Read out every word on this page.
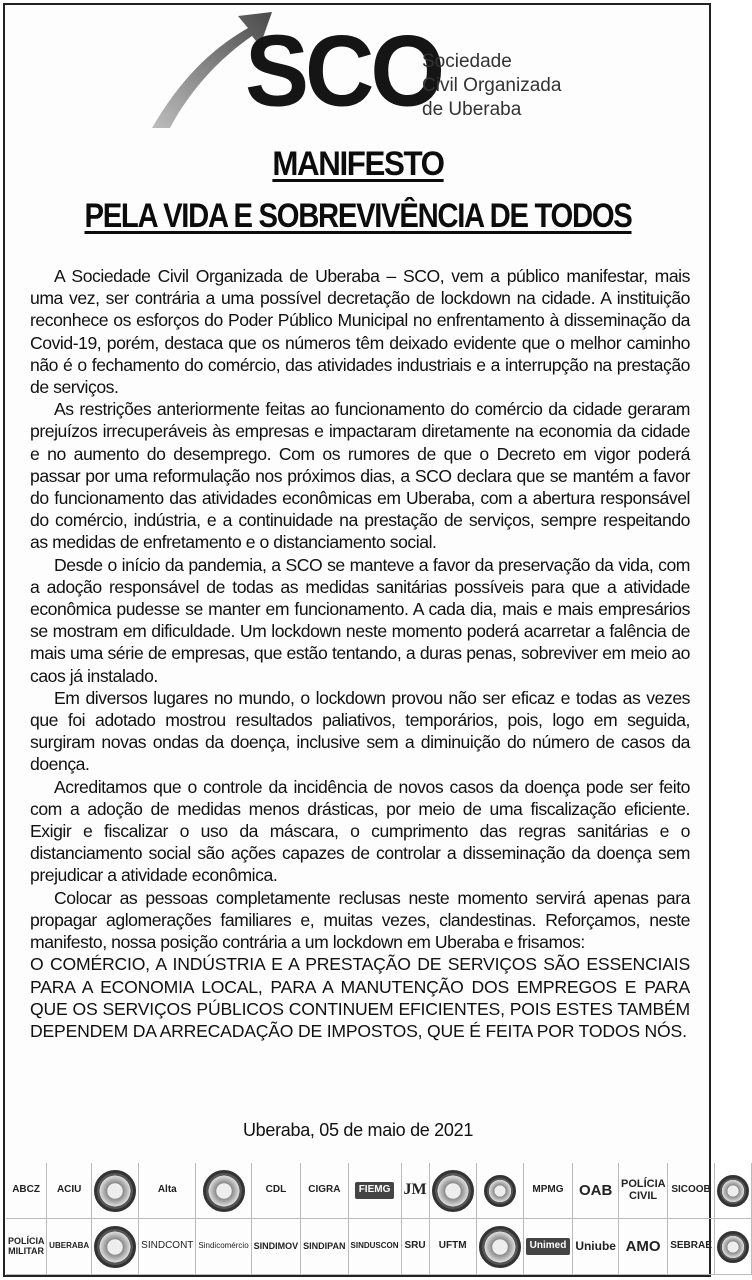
SCO
Sociedade
Civil Organizada
de Uberaba
MANIFESTO
PELA VIDA E SOBREVIVÊNCIA DE TODOS

A Sociedade Civil Organizada de Uberaba – SCO, vem a público manifestar, mais uma vez, ser contrária a uma possível decretação de lockdown na cidade. A instituição reconhece os esforços do Poder Público Municipal no enfrentamento à disseminação da Covid-19, porém, destaca que os números têm deixado evidente que o melhor caminho não é o fechamento do comércio, das atividades industriais e a interrupção na prestação de serviços.

As restrições anteriormente feitas ao funcionamento do comércio da cidade geraram prejuízos irrecuperáveis às empresas e impactaram diretamente na economia da cidade e no aumento do desemprego. Com os rumores de que o Decreto em vigor poderá passar por uma reformulação nos próximos dias, a SCO declara que se mantém a favor do funcionamento das atividades econômicas em Uberaba, com a abertura responsável do comércio, indústria, e a continuidade na prestação de serviços, sempre respeitando as medidas de enfretamento e o distanciamento social.

Desde o início da pandemia, a SCO se manteve a favor da preservação da vida, com a adoção responsável de todas as medidas sanitárias possíveis para que a atividade econômica pudesse se manter em funcionamento. A cada dia, mais e mais empresários se mostram em dificuldade. Um lockdown neste momento poderá acarretar a falência de mais uma série de empresas, que estão tentando, a duras penas, sobreviver em meio ao caos já instalado.

Em diversos lugares no mundo, o lockdown provou não ser eficaz e todas as vezes que foi adotado mostrou resultados paliativos, temporários, pois, logo em seguida, surgiram novas ondas da doença, inclusive sem a diminuição do número de casos da doença.

Acreditamos que o controle da incidência de novos casos da doença pode ser feito com a adoção de medidas menos drásticas, por meio de uma fiscalização eficiente. Exigir e fiscalizar o uso da máscara, o cumprimento das regras sanitárias e o distanciamento social são ações capazes de controlar a disseminação da doença sem prejudicar a atividade econômica.

Colocar as pessoas completamente reclusas neste momento servirá apenas para propagar aglomerações familiares e, muitas vezes, clandestinas. Reforçamos, neste manifesto, nossa posição contrária a um lockdown em Uberaba e frisamos:

O COMÉRCIO, A INDÚSTRIA E A PRESTAÇÃO DE SERVIÇOS SÃO ESSENCIAIS PARA A ECONOMIA LOCAL, PARA A MANUTENÇÃO DOS EMPREGOS E PARA QUE OS SERVIÇOS PÚBLICOS CONTINUEM EFICIENTES, POIS ESTES TAMBÉM DEPENDEM DA ARRECADAÇÃO DE IMPOSTOS, QUE É FEITA POR TODOS NÓS.

Uberaba, 05 de maio de 2021
ABCZ	ACIU	Alta	CDL	CIGRA	FIEMG JM	MPMG	OAB POLÍCIA CIVIL	SICOOB
POLÍCIA MILITAR UBERABA	SINDCONT Sindicomércio SINDIMOV SINDIPAN SINDUSCON SRU	UFTM	Unimed Uniube AMO SEBRAE
